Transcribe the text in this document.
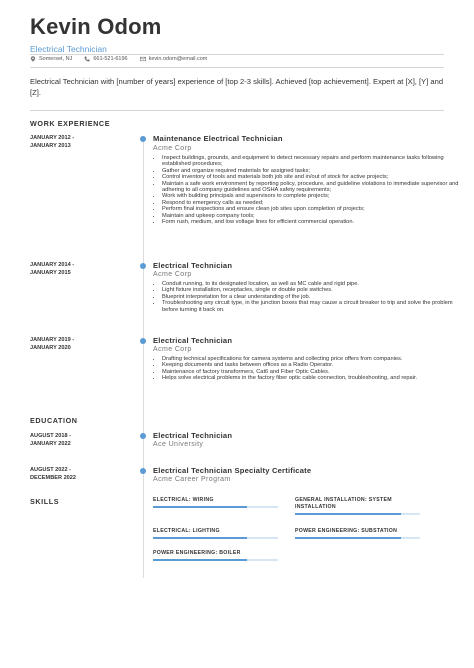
Kevin Odom
Electrical Technician
Somerset, NJ	661-521-6196	kevin.odom@email.com
Electrical Technician with [number of years] experience of [top 2-3 skills]. Achieved [top achievement]. Expert at [X], [Y] and [Z].
WORK EXPERIENCE
JANUARY 2012 -
JANUARY 2013
Maintenance Electrical Technician
Acme Corp
• Inspect buildings, grounds, and equipment to detect necessary repairs and perform maintenance tasks following established procedures;
• Gather and organize required materials for assigned tasks;
• Control inventory of tools and materials both job site and in/out of stock for active projects;
• Maintain a safe work environment by reporting policy, procedure, and guideline violations to immediate supervisor and adhering to all company guidelines and OSHA safety requirements;
• Work with building principals and supervisors to complete projects;
• Respond to emergency calls as needed;
• Perform final inspections and ensure clean job sites upon completion of projects;
• Maintain and upkeep company tools;
• Form rush, medium, and low voltage lines for efficient commercial operation.
JANUARY 2014 -
JANUARY 2015
Electrical Technician
Acme Corp
• Conduit running, to its designated location, as well as MC cable and rigid pipe.
• Light fixture installation, receptacles, single or double pole switches.
• Blueprint interpretation for a clear understanding of the job.
• Troubleshooting any circuit type, in the junction boxes that may cause a circuit breaker to trip and solve the problem before turning it back on.
JANUARY 2019 -
JANUARY 2020
Electrical Technician
Acme Corp
• Drafting technical specifications for camera systems and collecting price offers from companies.
• Keeping documents and tasks between offices as a Radio Operator.
• Maintenance of factory transformers, Cat6 and Fiber Optic Cables.
• Helps solve electrical problems in the factory fiber optic cable connection, troubleshooting, and repair.
EDUCATION
AUGUST 2018 -
JANUARY 2022
Electrical Technician
Ace University
AUGUST 2022 -
DECEMBER 2022
Electrical Technician Specialty Certificate
Acme Career Program
SKILLS	ELECTRICAL: WIRING	GENERAL INSTALLATION: SYSTEM INSTALLATION
ELECTRICAL: LIGHTING	POWER ENGINEERING: SUBSTATION
POWER ENGINEERING: BOILER
